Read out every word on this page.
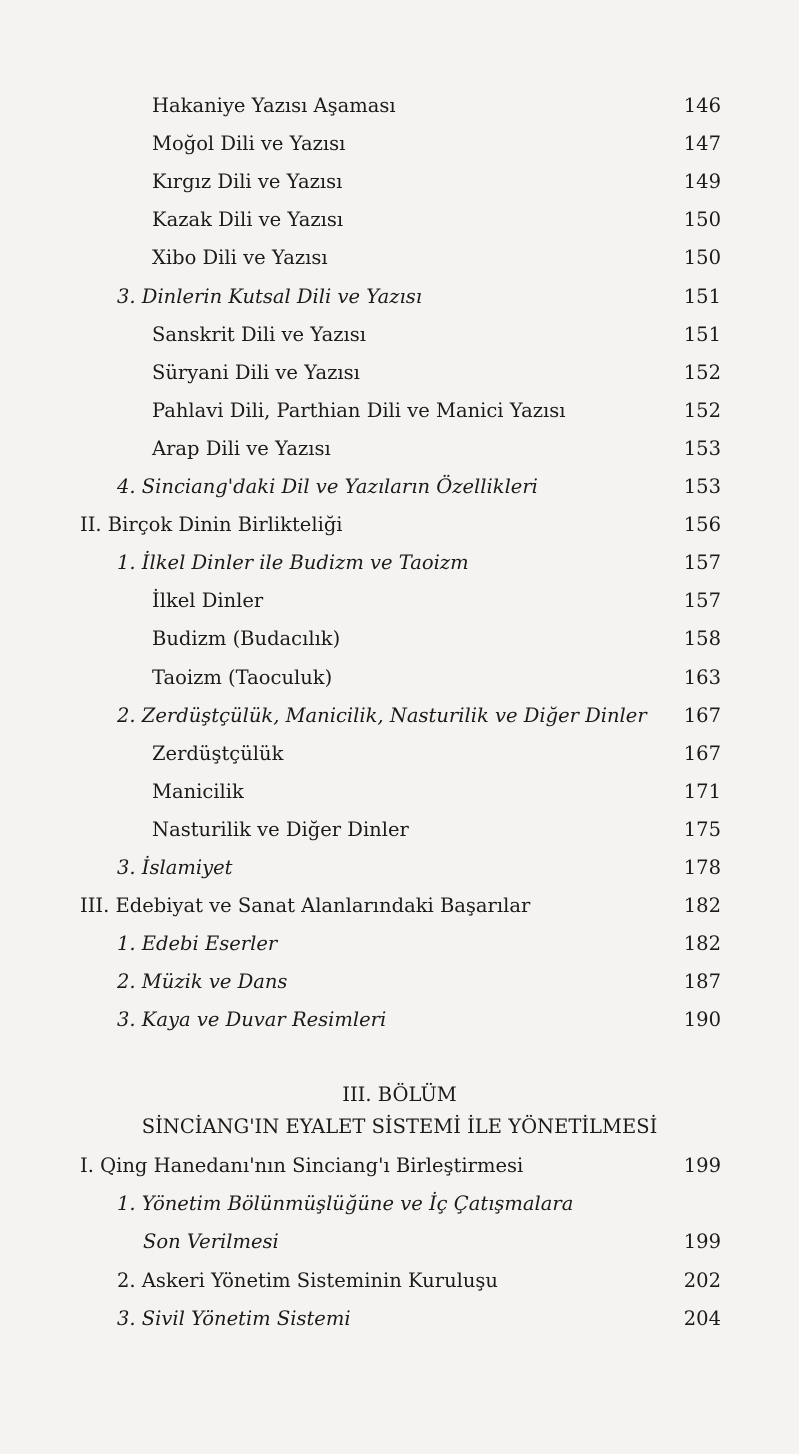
III. BÖLÜM
SİNCİANG'IN EYALET SİSTEMİ İLE YÖNETİLMESİ
Hakaniye Yazısı Aşaması	146
Moğol Dili ve Yazısı	147
Kırgız Dili ve Yazısı	149
Kazak Dili ve Yazısı	150
Xibo Dili ve Yazısı	150
3. Dinlerin Kutsal Dili ve Yazısı	151
Sanskrit Dili ve Yazısı	151
Süryani Dili ve Yazısı	152
Pahlavi Dili, Parthian Dili ve Manici Yazısı	152
Arap Dili ve Yazısı	153
4. Sinciang'daki Dil ve Yazıların Özellikleri	153
II. Birçok Dinin Birlikteliği	156
1. İlkel Dinler ile Budizm ve Taoizm	157
İlkel Dinler	157
Budizm (Budacılık)	158
Taoizm (Taoculuk)	163
2. Zerdüştçülük, Manicilik, Nasturilik ve Diğer Dinler 167
Zerdüştçülük	167
Manicilik	171
Nasturilik ve Diğer Dinler	175
3. İslamiyet	178
III. Edebiyat ve Sanat Alanlarındaki Başarılar	182
1. Edebi Eserler	182
2. Müzik ve Dans	187
3. Kaya ve Duvar Resimleri	190
I. Qing Hanedanı'nın Sinciang'ı Birleştirmesi	199
1. Yönetim Bölünmüşlüğüne ve İç Çatışmalara
Son Verilmesi	199
2. Askeri Yönetim Sisteminin Kuruluşu	202
3. Sivil Yönetim Sistemi	204
